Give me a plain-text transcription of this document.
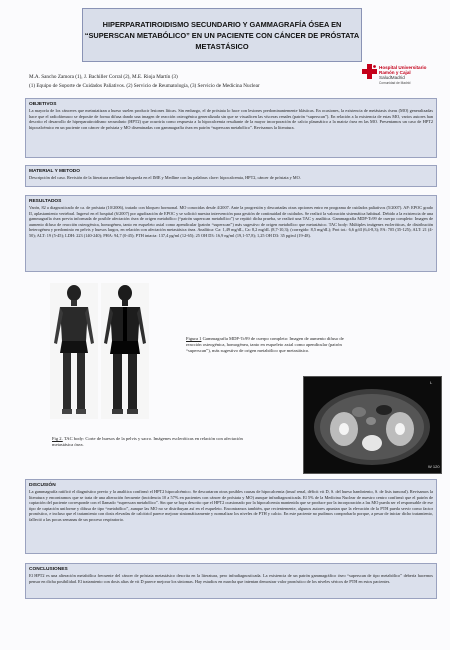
HIPERPARATIROIDISMO SECUNDARIO Y GAMMAGRAFÍA ÓSEA EN
“SUPERSCAN METABÓLICO” EN UN PACIENTE CON CÁNCER DE PRÓSTATA
METASTÁSICO
Hospital Universitario
Ramón y Cajal
SaludMadrid
Comunidad de Madrid
M.A. Sancho Zamora (1), J. Bachiller Corral (2), M.E. Rioja Martín (3)
(1) Equipo de Soporte de Cuidados Paliativos. (2) Servicio de Reumatología, (3) Servicio de Medicina Nuclear
OBJETIVOS
La mayoría de los cánceres que metastatizan a hueso suelen producir lesiones líticas. Sin embargo, el de próstata lo hace con lesiones predominantemente blásticas. En ocasiones, la existencia de metástasis óseas (MO) generalizadas hace que el radiofármaco se deposite de forma difusa dando una imagen de reacción osteogénica generalizada sin que se visualicen las vísceras renales (patrón “superscan”). En relación a la existencia de estas MO, varios autores han descrito el desarrollo de hiperparatiroidismo secundario (HPT2) que ocurriría como respuesta a la hipocalcemia resultante de la mayor incorporación de calcio plasmático a la matriz ósea en las MO. Presentamos un caso de HPT2 hipocalcémico en un paciente con cáncer de próstata y MO diseminadas con gammagrafía ósea en patrón “superscan metabólico”. Revisamos la literatura.
MATERIAL Y METODO
Descripción del caso. Revisión de la literatura mediante búsqueda en el IME y Medline con las palabras clave: hipocalcemia, HPT2, cáncer de próstata y MO.
RESULTADOS
Varón, 82 a diagnosticado de ca. de próstata (10/2006), tratado con bloqueo hormonal. MO conocidas desde 4/2007. Ante la progresión y descartadas otras opciones entro en programa de cuidados paliativos (5/2007). AP: EPOC grado II, aplastamiento vertebral. Ingresó en el hospital (6/2007) por agudización de EPOC y se solicitó nuestra intervención para gestión de continuidad de cuidados. Se realizó la valoración sistemática habitual. Debido a la existencia de una gammagrafía ósea previa informada de posible afectación ósea de origen metabólico (“patrón superscan metabólico”) se repitió dicha prueba, se realizó una TAC y analítica. Gammagrafía MDP-Tc99 de cuerpo completo: Imagen de aumento difuso de reacción osteogénica, homogénea, tanto en esqueleto axial como apendicular (patrón “superscan”) más sugestivo de origen metabólico que metastásico. TAC body: Múltiples imágenes escleróticas, de distribución heterogénea y predominio en pelvis y huesos largos, en relación con afectación metastásica ósea. Analítica: Ca: 1,49 mg/dL, Ca: 8,2 mg/dL (8,7-10,3); (corregido: 8,5 mg/dL); Prot tot.: 6,6 g/dl (6,4-8,3); FA: 705 (35-125); ALT: 21 (4-50); ALT: 19 (5-45); LDH: 223 (140-240); PHA: 94,7 (0-45); PTH intacta: 137,4 pg/ml (12-65); 25 OH D3: 16,9 ng/ml (19,1-57,8); 1,25 OH D3: 35 pg/ml (19-48).
Figura 1 Gammagrafía MDP-Tc99 de cuerpo completo: Imagen de aumento difuso de reacción osteogénica, homogénea, tanto en esqueleto axial como apendicular (patrón “superscan”), más sugestivo de origen metabólico que metastásico.
L
W 120
Fig 2. TAC body: Corte de huesos de la pelvis y sacro. Imágenes escleróticas en relación con afectación metastásica ósea.
DISCUSIÓN
La gammagrafía ratificó el diagnóstico previo y la analítica confirmó el HPT2 hipocalcémico. Se descartaron otras posibles causas de hipocalcemia (insuf renal, déficit vit D, S. del hueso hambriento, S. de lisis tumoral). Revisamos la literatura y encontramos que se trata de una alteración frecuente (incidencia 10 a 57% en pacientes con cáncer de próstata y MO) aunque infradiagnosticada. El 5% de la Medicina Nuclear de nuestro centro confirmó que el patrón de captación del paciente corresponde con el llamado “superscan metabólico”. Sin que se haya descrito que el HPT2 ocasionado por la hipocalcemia mantenida que se produce por la incorporación a las MO pueda ser el responsable de ese tipo de captación uniforme y difusa de tipo “metabólico”, aunque las MO no se distribuyan así en el esqueleto. Encontramos también, que recientemente, algunos autores apuntan que la elevación de la PTH pueda servir como factor pronóstico, e incluso que el tratamiento con dosis elevadas de calcitriol parece mejorar sintomáticamente y normalizar los niveles de PTH y calcio. En este paciente no pudimos comprobarlo porque, a pesar de iniciar dicho tratamiento, falleció a las pocas semanas de un proceso respiratorio.
CONCLUSIONES
El HPT2 es una alteración metabólica frecuente del cáncer de próstata metastásico descrita en la literatura, pero infradiagnosticada. La existencia de un patrón gammagráfico óseo “superscan de tipo metabólico” debería hacernos pensar en dicha posibilidad. El tratamiento con dosis altas de vit D parece mejorar los síntomas. Hay estudios en marcha que intentan demostrar valor pronóstico de los niveles séricos de PTH en estos pacientes.
